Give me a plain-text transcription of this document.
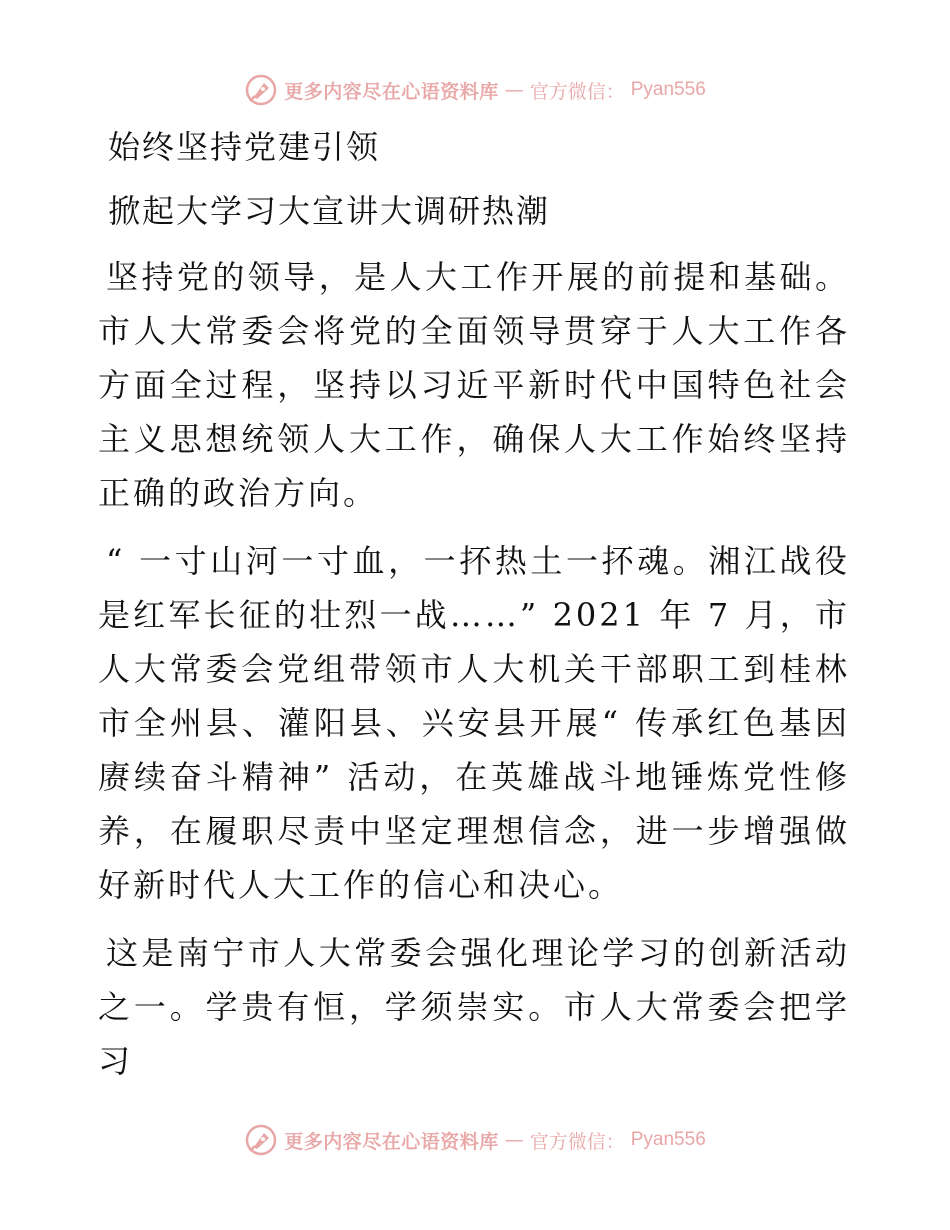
更多内容尽在心语资料库 — 官方微信： Pyan556
始终坚持党建引领
掀起大学习大宣讲大调研热潮

坚持党的领导，是人大工作开展的前提和基础。市人大常委会将党的全面领导贯穿于人大工作各方面全过程，坚持以习近平新时代中国特色社会主义思想统领人大工作，确保人大工作始终坚持正确的政治方向。

“ 一寸山河一寸血，一抔热土一抔魂。湘江战役是红军长征的壮烈一战……” 2021 年 7 月，市人大常委会党组带领市人大机关干部职工到桂林市全州县、灌阳县、兴安县开展“ 传承红色基因赓续奋斗精神” 活动，在英雄战斗地锤炼党性修养，在履职尽责中坚定理想信念，进一步增强做好新时代人大工作的信心和决心。

这是南宁市人大常委会强化理论学习的创新活动之一。学贵有恒，学须崇实。市人大常委会把学习

更多内容尽在心语资料库 — 官方微信： Pyan556
